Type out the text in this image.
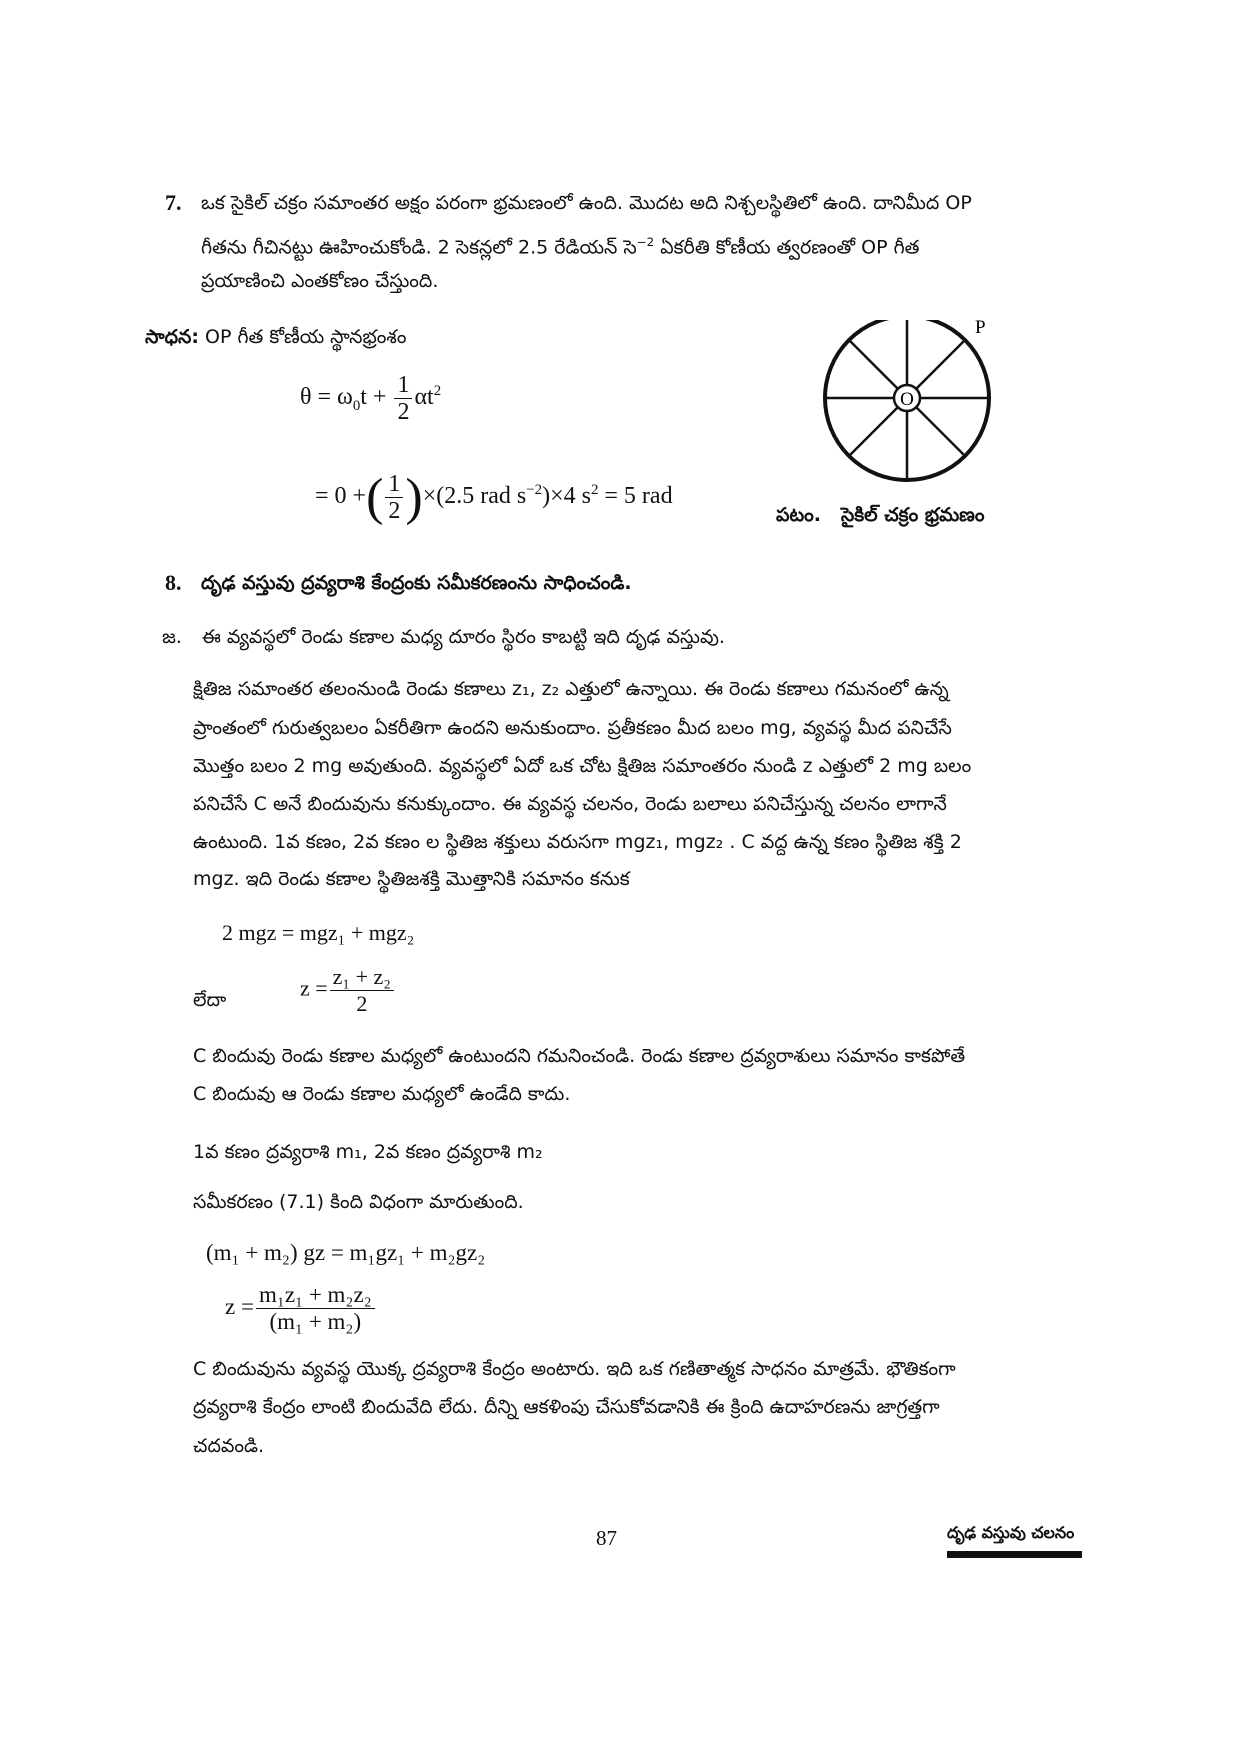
7. ఒక సైకిల్ చక్రం సమాంతర అక్షం పరంగా భ్రమణంలో ఉంది. మొదట అది నిశ్చలస్థితిలో ఉంది. దానిమీద OP
గీతను గీచినట్టు ఊహించుకోండి. 2 సెకన్లలో 2.5 రేడియన్ సె$^{-2}$ ఏకరీతి కోణీయ త్వరణంతో OP గీత
ప్రయాణించి ఎంతకోణం చేస్తుంది.
సాధన: OP గీత కోణీయ స్థానభ్రంశం
$\theta = \omega_0t + \frac{1}{2} \alpha t^2$
= 0 +( $\frac{1}{2} )\times(2.5$ rad $s^{-2})\times 4$ $s^2 = 5$ rad
O
P
పటం.   సైకిల్ చక్రం భ్రమణం
8. దృఢ వస్తువు ద్రవ్యరాశి కేంద్రంకు సమీకరణంను సాధించండి.
జ. ఈ వ్యవస్థలో రెండు కణాల మధ్య దూరం స్థిరం కాబట్టి ఇది దృఢ వస్తువు.
క్షితిజ సమాంతర తలంనుండి రెండు కణాలు z₁, z₂ ఎత్తులో ఉన్నాయి. ఈ రెండు కణాలు గమనంలో ఉన్న
ప్రాంతంలో గురుత్వబలం ఏకరీతిగా ఉందని అనుకుందాం. ప్రతీకణం మీద బలం mg, వ్యవస్థ మీద పనిచేసే
మొత్తం బలం 2 mg అవుతుంది. వ్యవస్థలో ఏదో ఒక చోట క్షితిజ సమాంతరం నుండి z ఎత్తులో 2 mg బలం
పనిచేసే C అనే బిందువును కనుక్కుందాం. ఈ వ్యవస్థ చలనం, రెండు బలాలు పనిచేస్తున్న చలనం లాగానే
ఉంటుంది. 1వ కణం, 2వ కణం ల స్థితిజ శక్తులు వరుసగా mgz₁, mgz₂ . C వద్ద ఉన్న కణం స్థితిజ శక్తి 2
mgz. ఇది రెండు కణాల స్థితిజశక్తి మొత్తానికి సమానం కనుక
2 mgz = mgz₁ + mgz₂
లేదా	$z = \frac{\text{z₁ + z₂}}{2}$
C బిందువు రెండు కణాల మధ్యలో ఉంటుందని గమనించండి. రెండు కణాల ద్రవ్యరాశులు సమానం కాకపోతే
C బిందువు ఆ రెండు కణాల మధ్యలో ఉండేది కాదు.
1వ కణం ద్రవ్యరాశి m₁, 2వ కణం ద్రవ్యరాశి m₂
సమీకరణం (7.1) కింది విధంగా మారుతుంది.
(m₁ + m₂) gz = m₁gz₁ + m₂gz₂
$z = \frac{\text{m₁z₁ + m₂z₂}}{\text{(m₁ + m₂)}}$
C బిందువును వ్యవస్థ యొక్క ద్రవ్యరాశి కేంద్రం అంటారు. ఇది ఒక గణితాత్మక సాధనం మాత్రమే. భౌతికంగా
ద్రవ్యరాశి కేంద్రం లాంటి బిందువేది లేదు. దీన్ని ఆకళింపు చేసుకోవడానికి ఈ క్రింది ఉదాహరణను జాగ్రత్తగా
చదవండి.
87	దృఢ వస్తువు చలనం
